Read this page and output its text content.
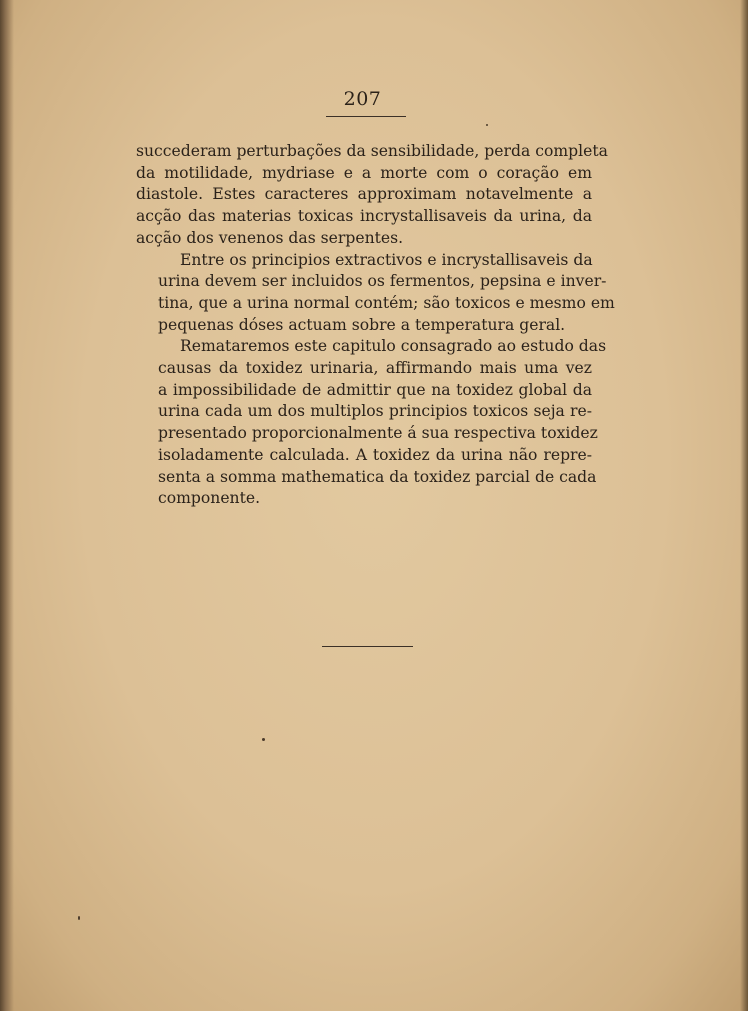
207

succederam perturbações da sensibilidade, perda completa
da motilidade, mydriase e a morte com o coração em
diastole. Estes caracteres approximam notavelmente a
acção das materias toxicas incrystallisaveis da urina, da
acção dos venenos das serpentes.

Entre os principios extractivos e incrystallisaveis da
urina devem ser incluidos os fermentos, pepsina e inver-
tina, que a urina normal contém; são toxicos e mesmo em
pequenas dóses actuam sobre a temperatura geral.

Remataremos este capitulo consagrado ao estudo das
causas da toxidez urinaria, affirmando mais uma vez
a impossibilidade de admittir que na toxidez global da
urina cada um dos multiplos principios toxicos seja re-
presentado proporcionalmente á sua respectiva toxidez
isoladamente calculada. A toxidez da urina não repre-
senta a somma mathematica da toxidez parcial de cada
componente.
